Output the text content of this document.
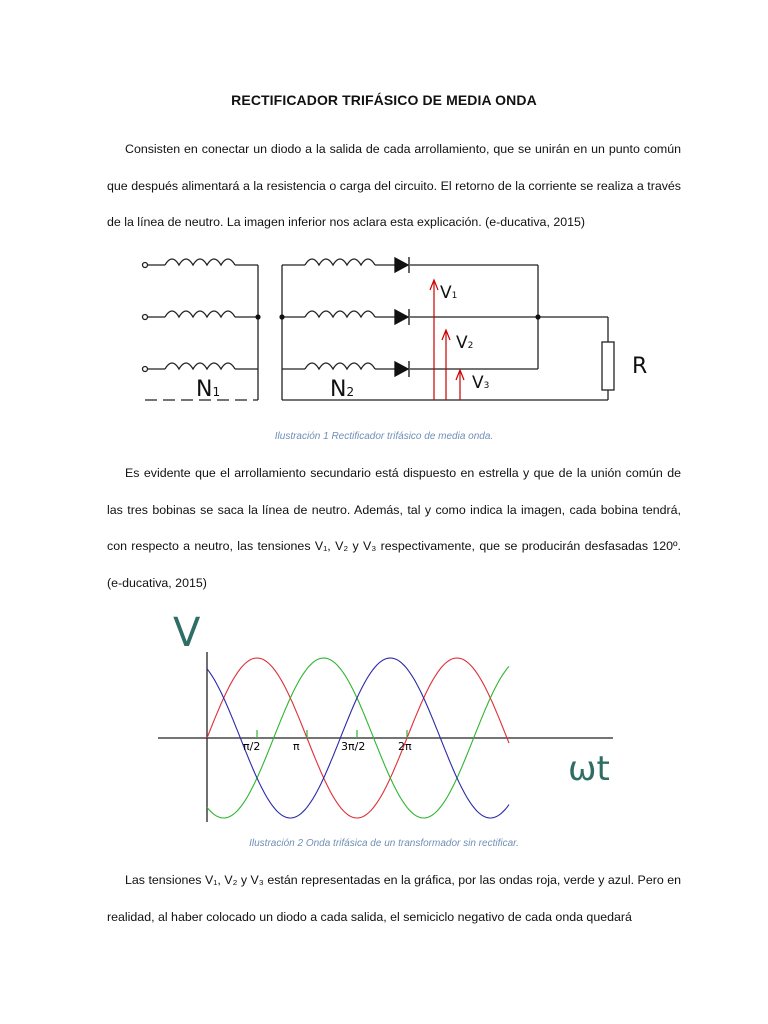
RECTIFICADOR TRIFÁSICO DE MEDIA ONDA
Consisten en conectar un diodo a la salida de cada arrollamiento, que se unirán en un punto común que después alimentará a la resistencia o carga del circuito. El retorno de la corriente se realiza a través de la línea de neutro. La imagen inferior nos aclara esta explicación. (e-ducativa, 2015)
V1
V2
V3
R
N1	N2
Ilustración 1 Rectificador trifásico de media onda.
Es evidente que el arrollamiento secundario está dispuesto en estrella y que de la unión común de las tres bobinas se saca la línea de neutro. Además, tal y como indica la imagen, cada bobina tendrá, con respecto a neutro, las tensiones V₁, V₂ y V₃ respectivamente, que se producirán desfasadas 120º. (e-ducativa, 2015)
π/2	π	3π/2	2π
V
ωt
Ilustración 2 Onda trifásica de un transformador sin rectificar.
Las tensiones V₁, V₂ y V₃ están representadas en la gráfica, por las ondas roja, verde y azul. Pero en realidad, al haber colocado un diodo a cada salida, el semiciclo negativo de cada onda quedará
